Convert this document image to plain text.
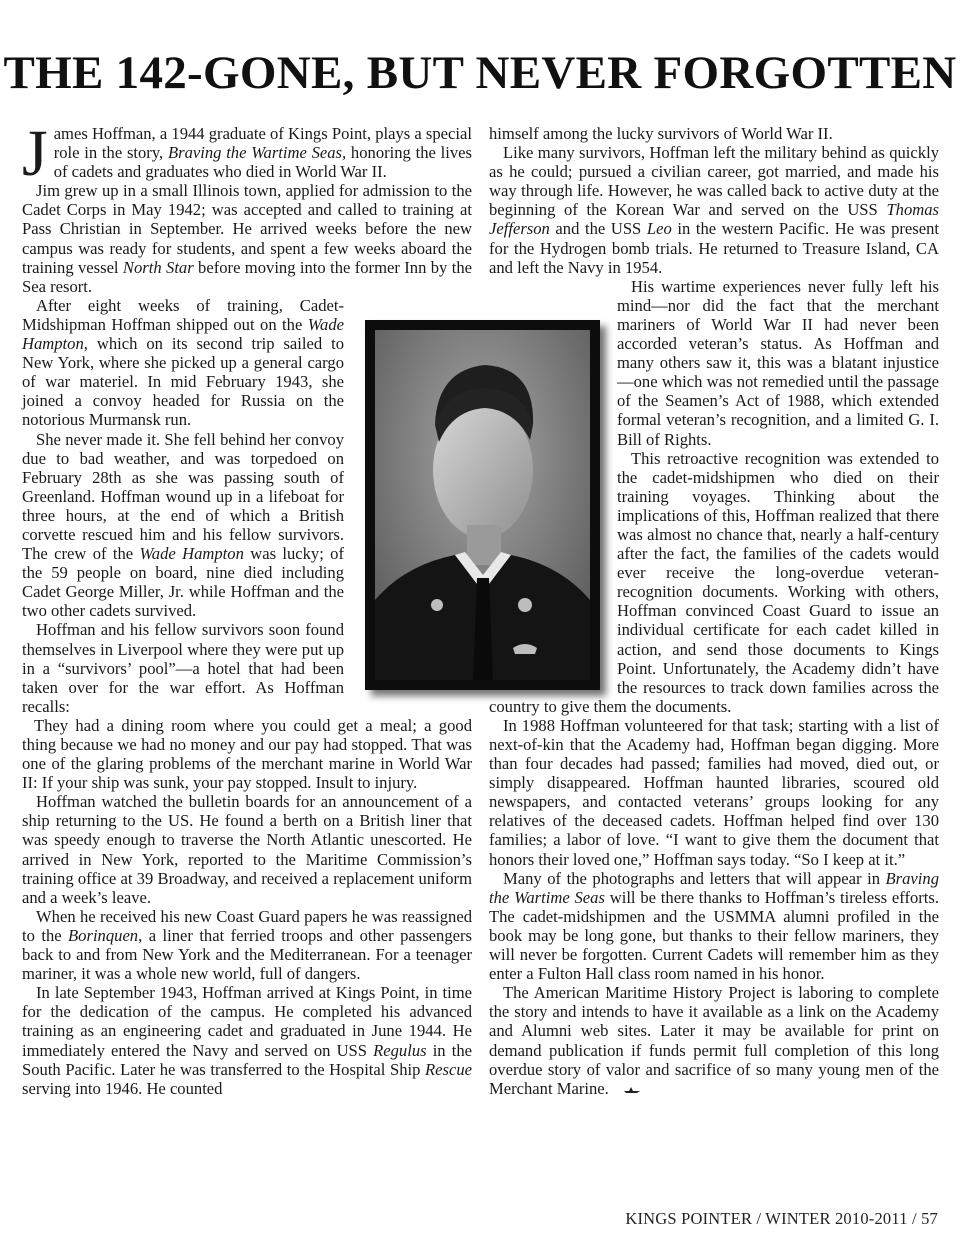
THE 142-GONE, BUT NEVER FORGOTTEN

James Hoffman, a 1944 graduate of Kings Point, plays a special role in the story, Braving the Wartime Seas, honoring the lives of cadets and graduates who died in World War II.

Jim grew up in a small Illinois town, applied for admission to the Cadet Corps in May 1942; was accepted and called to training at Pass Christian in September. He arrived weeks before the new campus was ready for students, and spent a few weeks aboard the training vessel North Star before moving into the former Inn by the Sea resort.

After eight weeks of training, Cadet-Midshipman Hoffman shipped out on the Wade Hampton, which on its second trip sailed to New York, where she picked up a general cargo of war materiel. In mid February 1943, she joined a convoy headed for Russia on the notorious Murmansk run.

She never made it. She fell behind her convoy due to bad weather, and was torpedoed on February 28th as she was passing south of Greenland. Hoffman wound up in a lifeboat for three hours, at the end of which a British corvette rescued him and his fellow survivors. The crew of the Wade Hampton was lucky; of the 59 people on board, nine died including Cadet George Miller, Jr. while Hoffman and the two other cadets survived.

Hoffman and his fellow survivors soon found themselves in Liverpool where they were put up in a “survivors’ pool”—a hotel that had been taken over for the war effort. As Hoffman recalls:

They had a dining room where you could get a meal; a good thing because we had no money and our pay had stopped. That was one of the glaring problems of the merchant marine in World War II: If your ship was sunk, your pay stopped. Insult to injury.

Hoffman watched the bulletin boards for an announcement of a ship returning to the US. He found a berth on a British liner that was speedy enough to traverse the North Atlantic unescorted. He arrived in New York, reported to the Maritime Commission’s training office at 39 Broadway, and received a replacement uniform and a week’s leave.

When he received his new Coast Guard papers he was reassigned to the Borinquen, a liner that ferried troops and other passengers back to and from New York and the Mediterranean. For a teenager mariner, it was a whole new world, full of dangers.

In late September 1943, Hoffman arrived at Kings Point, in time for the dedication of the campus. He completed his advanced training as an engineering cadet and graduated in June 1944. He immediately entered the Navy and served on USS Regulus in the South Pacific. Later he was transferred to the Hospital Ship Rescue serving into 1946. He counted

himself among the lucky survivors of World War II.

Like many survivors, Hoffman left the military behind as quickly as he could; pursued a civilian career, got married, and made his way through life. However, he was called back to active duty at the beginning of the Korean War and served on the USS Thomas Jefferson and the USS Leo in the western Pacific. He was present for the Hydrogen bomb trials. He returned to Treasure Island, CA and left the Navy in 1954.

His wartime experiences never fully left his mind—nor did the fact that the merchant mariners of World War II had never been accorded veteran’s status. As Hoffman and many others saw it, this was a blatant injustice—one which was not remedied until the passage of the Seamen’s Act of 1988, which extended formal veteran’s recognition, and a limited G. I. Bill of Rights.

This retroactive recognition was extended to the cadet-midshipmen who died on their training voyages. Thinking about the implications of this, Hoffman realized that there was almost no chance that, nearly a half-century after the fact, the families of the cadets would ever receive the long-overdue veteran-recognition documents. Working with others, Hoffman convinced Coast Guard to issue an individual certificate for each cadet killed in action, and send those documents to Kings Point. Unfortunately, the Academy didn’t have the resources to track down families across the country to give them the documents.

In 1988 Hoffman volunteered for that task; starting with a list of next-of-kin that the Academy had, Hoffman began digging. More than four decades had passed; families had moved, died out, or simply disappeared. Hoffman haunted libraries, scoured old newspapers, and contacted veterans’ groups looking for any relatives of the deceased cadets. Hoffman helped find over 130 families; a labor of love. “I want to give them the document that honors their loved one,” Hoffman says today. “So I keep at it.”

Many of the photographs and letters that will appear in Braving the Wartime Seas will be there thanks to Hoffman’s tireless efforts. The cadet-midshipmen and the USMMA alumni profiled in the book may be long gone, but thanks to their fellow mariners, they will never be forgotten. Current Cadets will remember him as they enter a Fulton Hall class room named in his honor.

The American Maritime History Project is laboring to complete the story and intends to have it available as a link on the Academy and Alumni web sites. Later it may be available for print on demand publication if funds permit full completion of this long overdue story of valor and sacrifice of so many young men of the Merchant Marine.

KINGS POINTER / WINTER 2010-2011 / 57
